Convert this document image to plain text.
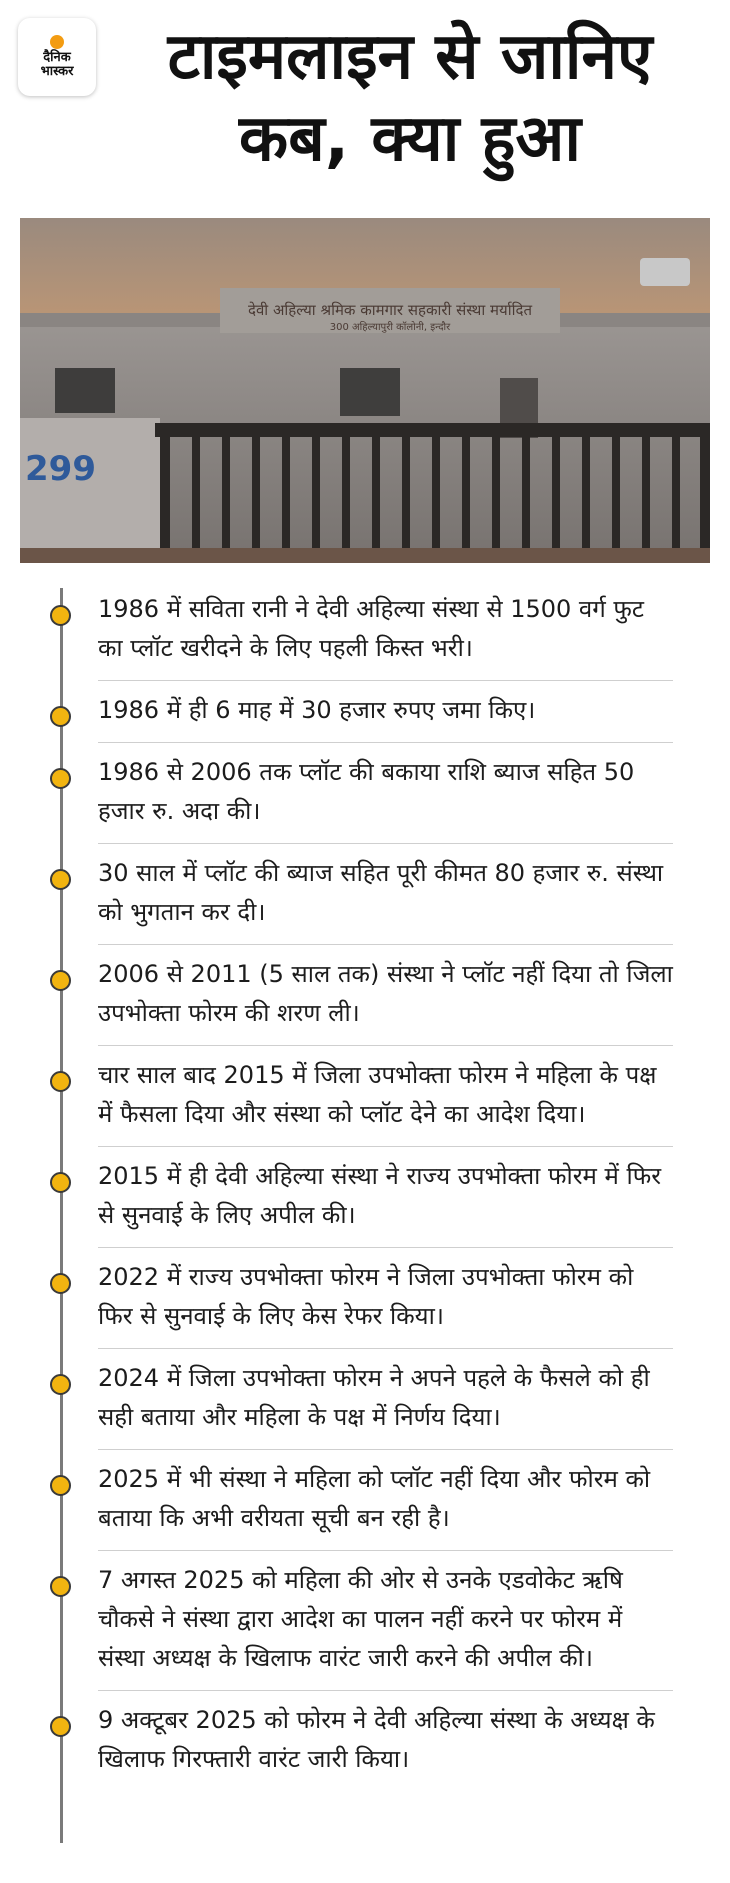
दैनिक
भास्कर	टाइमलाइन से जानिए
कब, क्या हुआ
देवी अहिल्या श्रमिक कामगार सहकारी संस्था मर्यादित
300 अहिल्यापुरी कॉलोनी, इन्दौर
299
1986 में सविता रानी ने देवी अहिल्या संस्था से 1500 वर्ग फुट का प्लॉट खरीदने के लिए पहली किस्त भरी।
1986 में ही 6 माह में 30 हजार रुपए जमा किए।
1986 से 2006 तक प्लॉट की बकाया राशि ब्याज सहित 50 हजार रु. अदा की।
30 साल में प्लॉट की ब्याज सहित पूरी कीमत 80 हजार रु. संस्था को भुगतान कर दी।
2006 से 2011 (5 साल तक) संस्था ने प्लॉट नहीं दिया तो जिला उपभोक्ता फोरम की शरण ली।
चार साल बाद 2015 में जिला उपभोक्ता फोरम ने महिला के पक्ष में फैसला दिया और संस्था को प्लॉट देने का आदेश दिया।
2015 में ही देवी अहिल्या संस्था ने राज्य उपभोक्ता फोरम में फिर से सुनवाई के लिए अपील की।
2022 में राज्य उपभोक्ता फोरम ने जिला उपभोक्ता फोरम को फिर से सुनवाई के लिए केस रेफर किया।
2024 में जिला उपभोक्ता फोरम ने अपने पहले के फैसले को ही सही बताया और महिला के पक्ष में निर्णय दिया।
2025 में भी संस्था ने महिला को प्लॉट नहीं दिया और फोरम को बताया कि अभी वरीयता सूची बन रही है।
7 अगस्त 2025 को महिला की ओर से उनके एडवोकेट ऋषि चौकसे ने संस्था द्वारा आदेश का पालन नहीं करने पर फोरम में संस्था अध्यक्ष के खिलाफ वारंट जारी करने की अपील की।
9 अक्टूबर 2025 को फोरम ने देवी अहिल्या संस्था के अध्यक्ष के खिलाफ गिरफ्तारी वारंट जारी किया।
